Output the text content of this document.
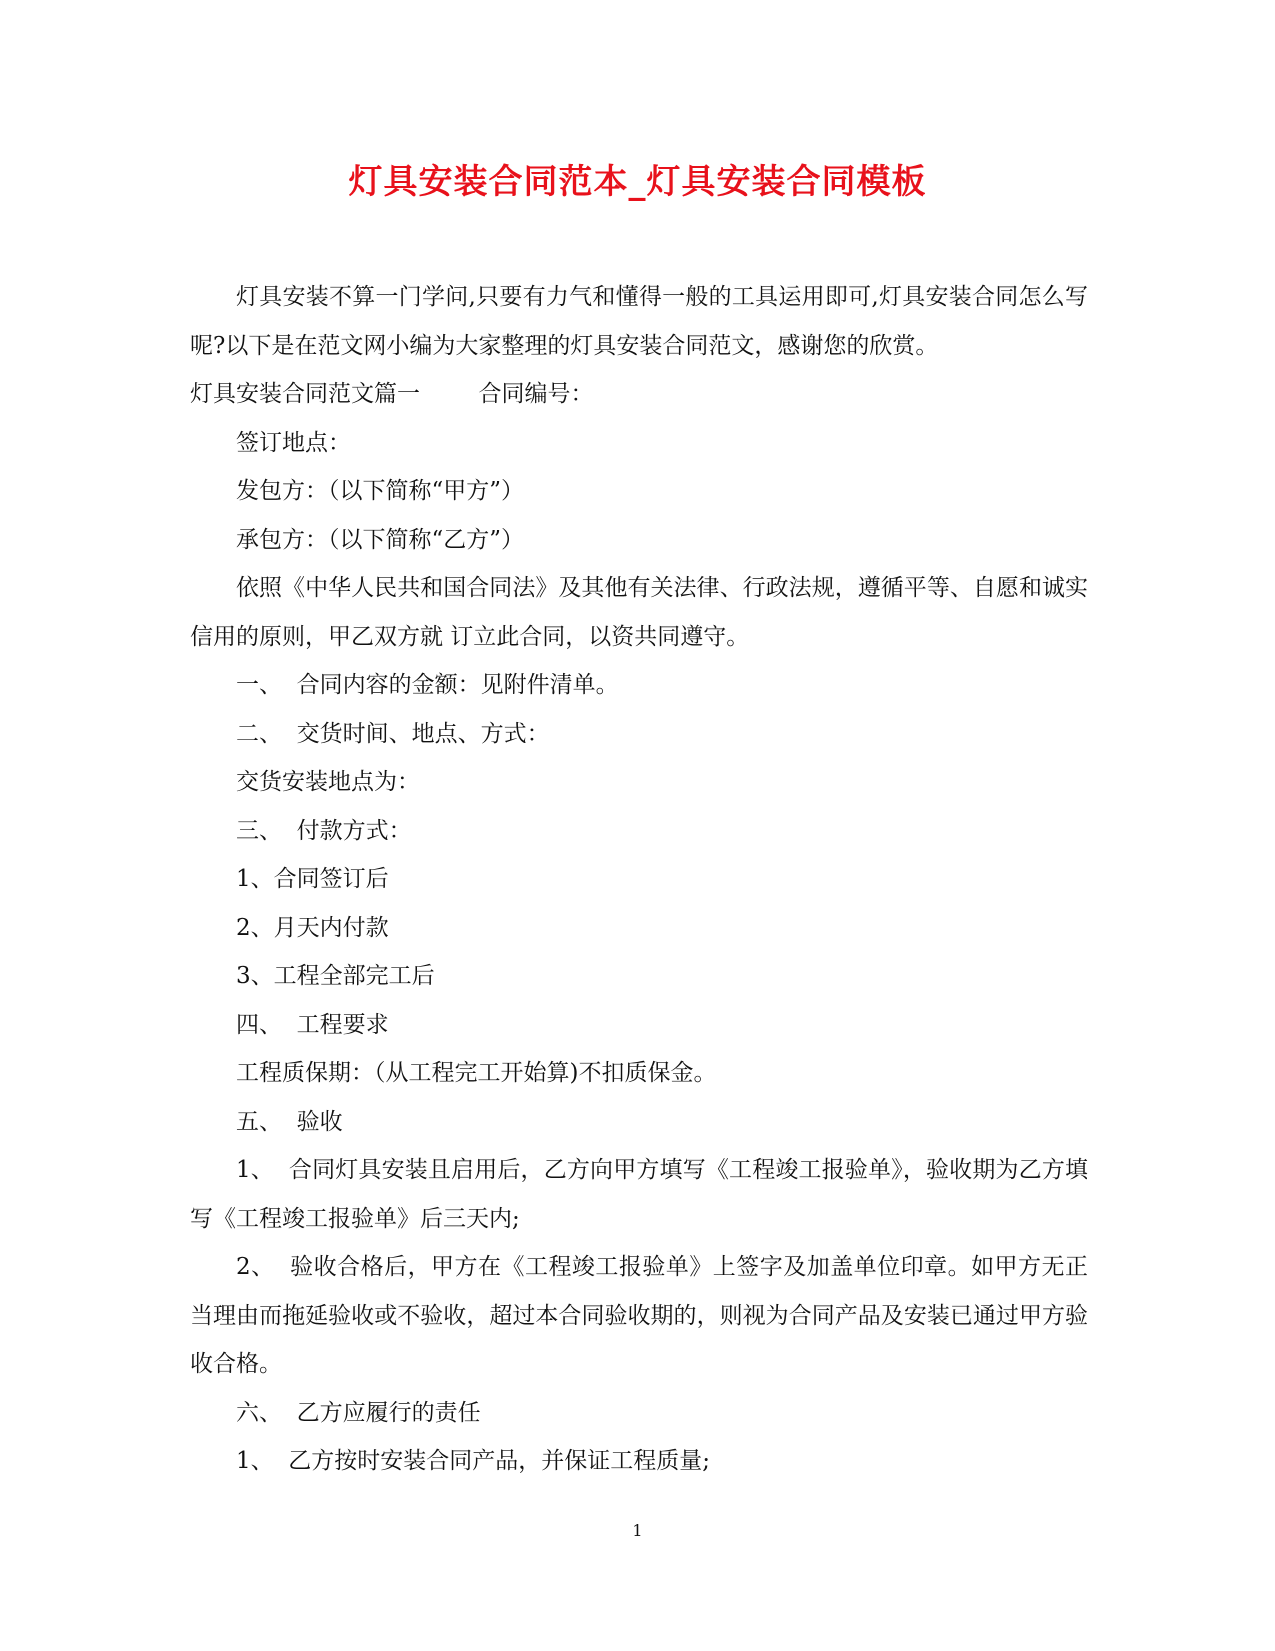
灯具安装合同范本_灯具安装合同模板

灯具安装不算一门学问,只要有力气和懂得一般的工具运用即可,灯具安装合同怎么写呢?以下是在范文网小编为大家整理的灯具安装合同范文，感谢您的欣赏。

灯具安装合同范文篇一        合同编号：

签订地点：

发包方：（以下简称“甲方”）

承包方：（以下简称“乙方”）

依照《中华人民共和国合同法》及其他有关法律、行政法规，遵循平等、自愿和诚实信用的原则，甲乙双方就 订立此合同，以资共同遵守。

一、  合同内容的金额：见附件清单。

二、  交货时间、地点、方式：

交货安装地点为：

三、  付款方式：

1、合同签订后

2、月天内付款

3、工程全部完工后

四、  工程要求

工程质保期：（从工程完工开始算)不扣质保金。

五、  验收

1、  合同灯具安装且启用后，乙方向甲方填写《工程竣工报验单》，验收期为乙方填写《工程竣工报验单》后三天内;

2、  验收合格后，甲方在《工程竣工报验单》上签字及加盖单位印章。如甲方无正当理由而拖延验收或不验收，超过本合同验收期的，则视为合同产品及安装已通过甲方验收合格。

六、  乙方应履行的责任

1、  乙方按时安装合同产品，并保证工程质量;

1
